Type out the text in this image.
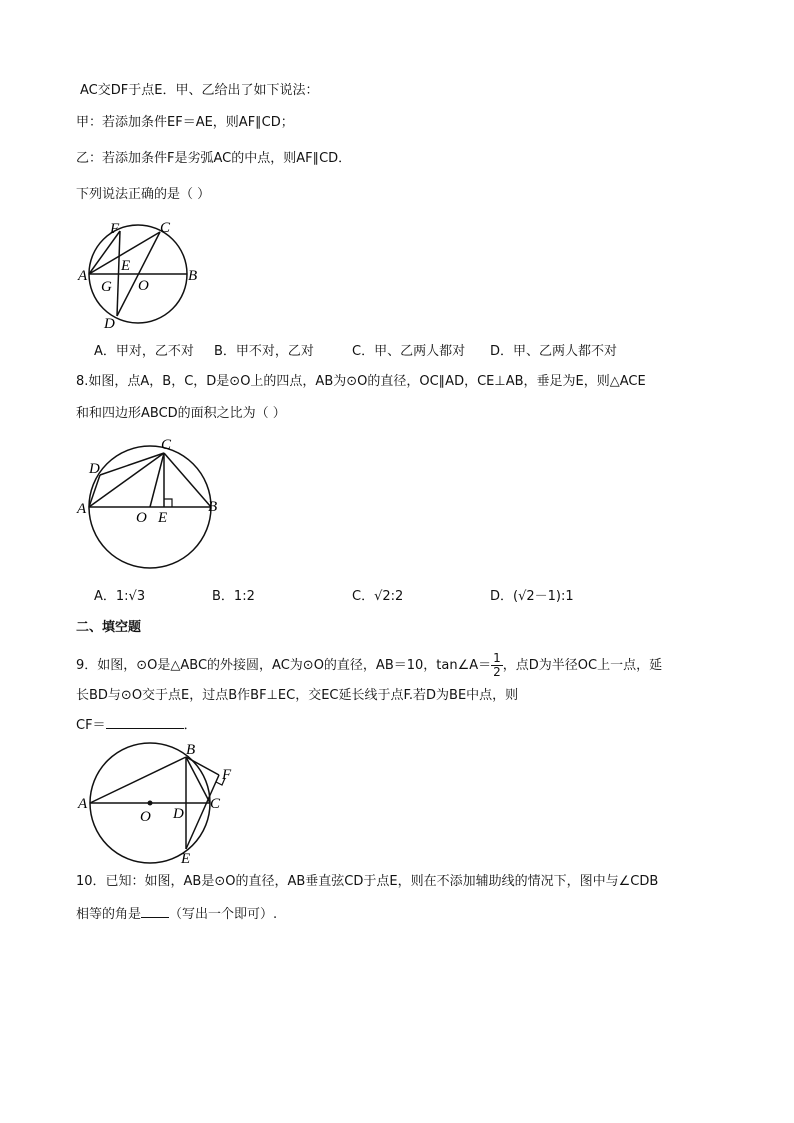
AC交DF于点E．甲、乙给出了如下说法：
甲：若添加条件EF＝AE，则AF∥CD；
乙：若添加条件F是劣弧AC的中点，则AF∥CD．
下列说法正确的是（ ）
F	C
A
E
B
G O
D
A．甲对，乙不对 B．甲不对，乙对	C．甲、乙两人都对 D．甲、乙两人都不对
8.如图，点A，B，C，D是⊙O上的四点，AB为⊙O的直径，OC∥AD，CE⊥AB，垂足为E，则△ACE
和和四边形ABCD的面积之比为（ ）
C
D
A
O E
B
A．1:√3	B．1:2	C．√2:2	D．(√2－1):1
二、填空题
9．如图，⊙O是△ABC的外接圆，AC为⊙O的直径，AB＝10，tan∠A＝ $\frac{1}{2}$ ，点D为半径OC上一点，延
长BD与⊙O交于点E，过点B作BF⊥EC，交EC延长线于点F.若D为BE中点，则
CF＝	．
B
F
A
O D
C
E
10．已知：如图，AB是⊙O的直径，AB垂直弦CD于点E，则在不添加辅助线的情况下，图中与∠CDB
相等的角是 （写出一个即可）.
